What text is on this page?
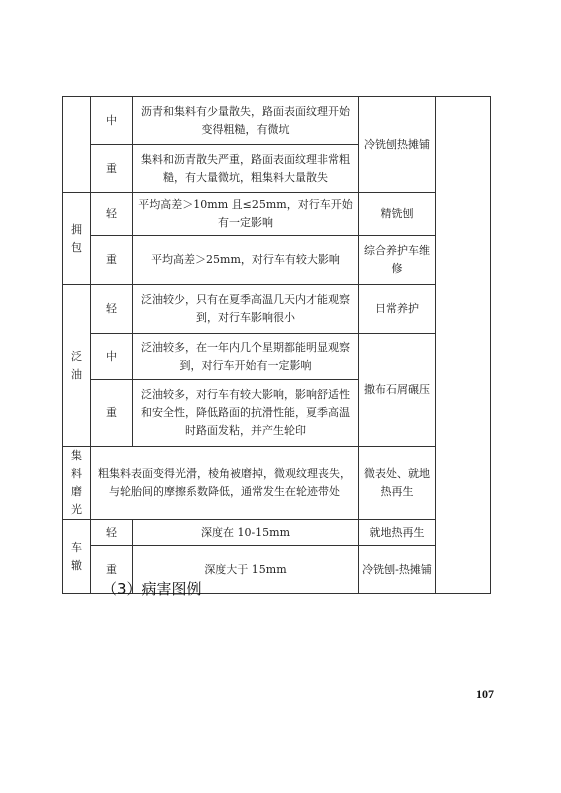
	中	沥青和集料有少量散失，路面表面纹理开始变得粗糙，有微坑	冷铣刨热摊铺	
	重	集料和沥青散失严重，路面表面纹理非常粗糙，有大量微坑，粗集料大量散失		
拥包	轻	平均高差＞10mm 且≤25mm，对行车开始有一定影响	精铣刨	
	重	平均高差＞25mm，对行车有较大影响	综合养护车维修	
泛油	轻	泛油较少，只有在夏季高温几天内才能观察到，对行车影响很小	日常养护	
	中	泛油较多，在一年内几个星期都能明显观察到，对行车开始有一定影响	撒布石屑碾压	
	重	泛油较多，对行车有较大影响，影响舒适性和安全性，降低路面的抗滑性能，夏季高温时路面发粘，并产生轮印		
集料磨光	粗集料表面变得光滑，棱角被磨掉，微观纹理丧失，与轮胎间的摩擦系数降低，通常发生在轮迹带处		微表处、就地热再生	
车辙	轻	深度在 10-15mm	就地热再生	
	重	深度大于 15mm	冷铣刨-热摊铺	
（3）病害图例
107
